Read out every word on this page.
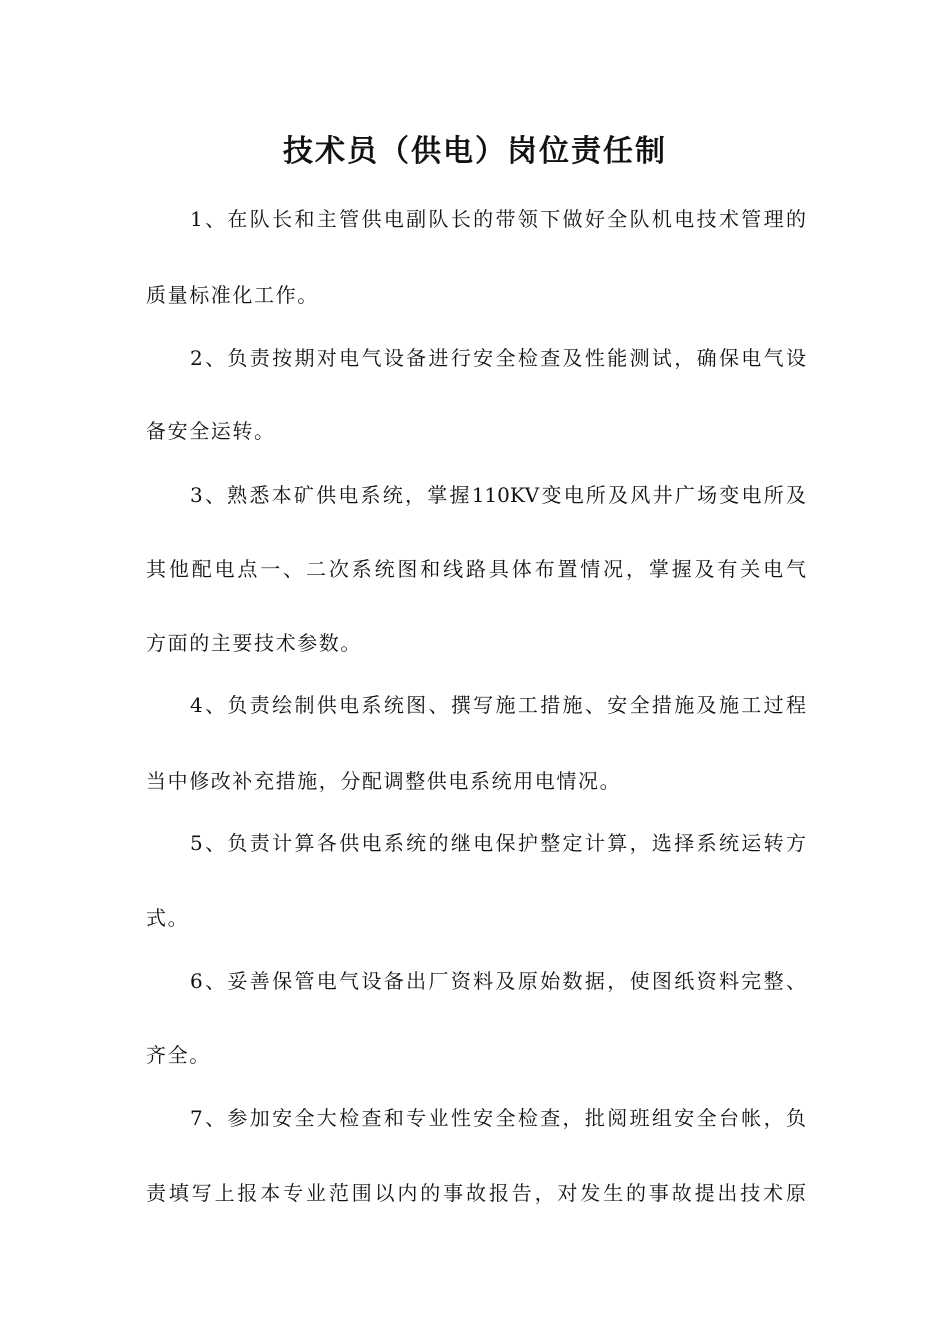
技术员（供电）岗位责任制
1、在队长和主管供电副队长的带领下做好全队机电技术管理的
质量标准化工作。
2、负责按期对电气设备进行安全检查及性能测试，确保电气设
备安全运转。
3、熟悉本矿供电系统，掌握110KV变电所及风井广场变电所及
其他配电点一、二次系统图和线路具体布置情况，掌握及有关电气
方面的主要技术参数。
4、负责绘制供电系统图、撰写施工措施、安全措施及施工过程
当中修改补充措施，分配调整供电系统用电情况。
5、负责计算各供电系统的继电保护整定计算，选择系统运转方
式。
6、妥善保管电气设备出厂资料及原始数据，使图纸资料完整、
齐全。
7、参加安全大检查和专业性安全检查，批阅班组安全台帐，负
责填写上报本专业范围以内的事故报告，对发生的事故提出技术原
